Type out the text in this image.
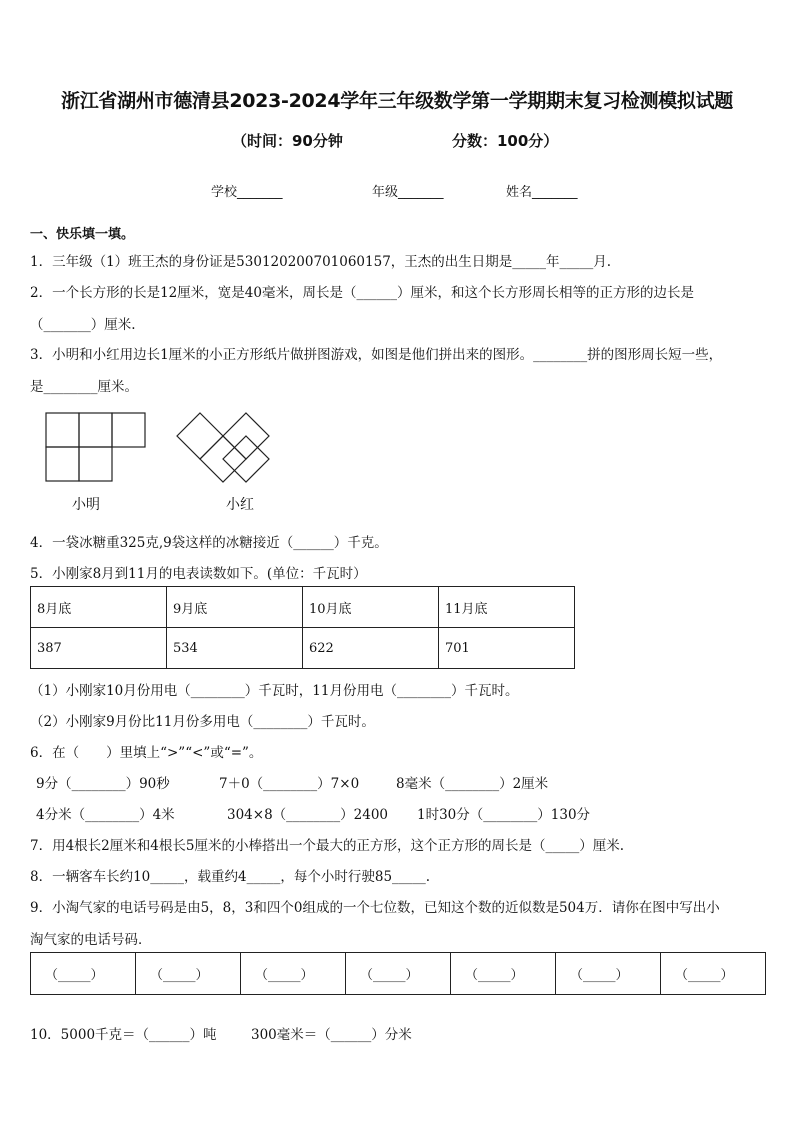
浙江省湖州市德清县2023-2024学年三年级数学第一学期期末复习检测模拟试题
（时间：90分钟	分数：100分）
学校_______	年级_______	姓名_______
一、快乐填一填。
1．三年级（1）班王杰的身份证是530120200701060157，王杰的出生日期是_____年_____月.
2．一个长方形的长是12厘米，宽是40毫米，周长是（______）厘米，和这个长方形周长相等的正方形的边长是
（_______）厘米.
3．小明和小红用边长1厘米的小正方形纸片做拼图游戏，如图是他们拼出来的图形。________拼的图形周长短一些，
是________厘米。
小明	小红
4．一袋冰糖重325克,9袋这样的冰糖接近（______）千克。
5．小刚家8月到11月的电表读数如下。(单位：千瓦时）
8月底	9月底	10月底	11月底
387	534	622	701
（1）小刚家10月份用电（________）千瓦时，11月份用电（________）千瓦时。
（2）小刚家9月份比11月份多用电（________）千瓦时。
6．在（　　）里填上“>”“<”或“=”。
9分（________）90秒	7＋0（________）7×0	8毫米（________）2厘米
4分米（________）4米	304×8（________）2400 1时30分（________）130分
7．用4根长2厘米和4根长5厘米的小棒搭出一个最大的正方形，这个正方形的周长是（_____）厘米.
8．一辆客车长约10_____，载重约4_____，每个小时行驶85_____.
9．小淘气家的电话号码是由5，8，3和四个0组成的一个七位数，已知这个数的近似数是504万．请你在图中写出小
淘气家的电话号码．
（_____）	（_____）	（_____）	（_____）	（_____）	（_____）	（_____）
10．5000千克＝（______）吨	300毫米＝（______）分米
